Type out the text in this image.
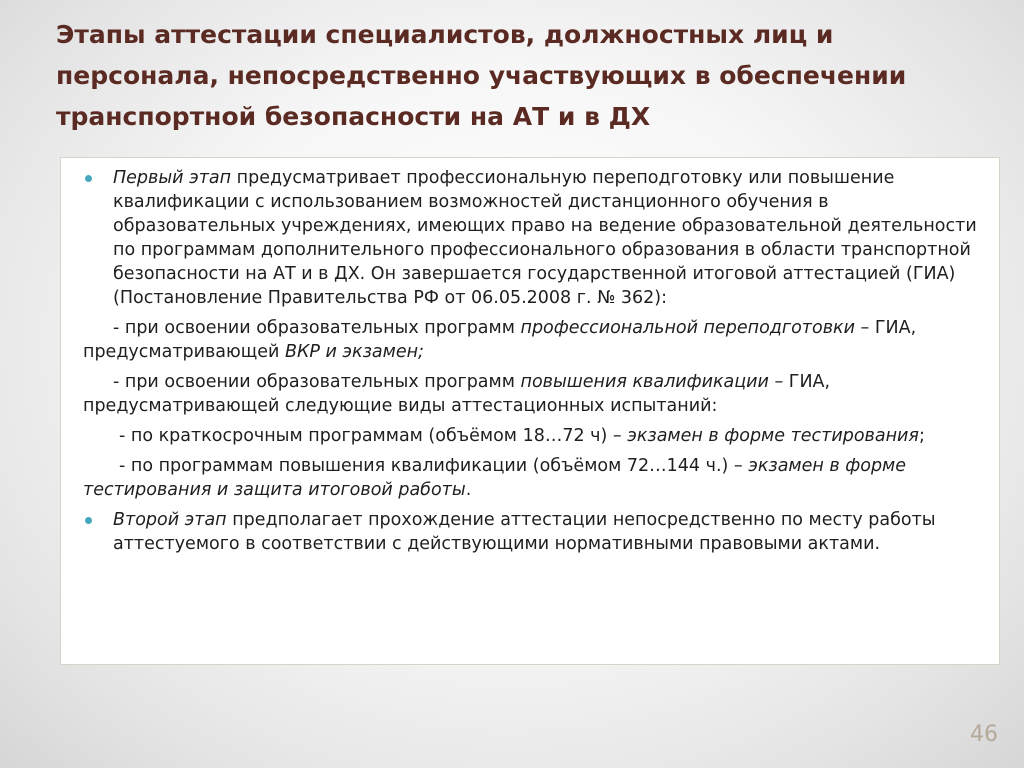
Этапы аттестации специалистов, должностных лиц и персонала, непосредственно участвующих в обеспечении транспортной безопасности на АТ и в ДХ
Первый этап предусматривает профессиональную переподготовку или повышение квалификации с использованием возможностей дистанционного обучения в образовательных учреждениях, имеющих право на ведение образовательной деятельности по программам дополнительного профессионального образования в области транспортной безопасности на АТ и в ДХ. Он завершается государственной итоговой аттестацией (ГИА) (Постановление Правительства РФ от 06.05.2008 г. № 362):
- при освоении образовательных программ профессиональной переподготовки – ГИА, предусматривающей ВКР и экзамен;
- при освоении образовательных программ повышения квалификации – ГИА, предусматривающей следующие виды аттестационных испытаний:
- по краткосрочным программам (объёмом 18…72 ч) – экзамен в форме тестирования;
- по программам повышения квалификации (объёмом 72…144 ч.) – экзамен в форме тестирования и защита итоговой работы.
Второй этап предполагает прохождение аттестации непосредственно по месту работы аттестуемого в соответствии с действующими нормативными правовыми актами.
46
